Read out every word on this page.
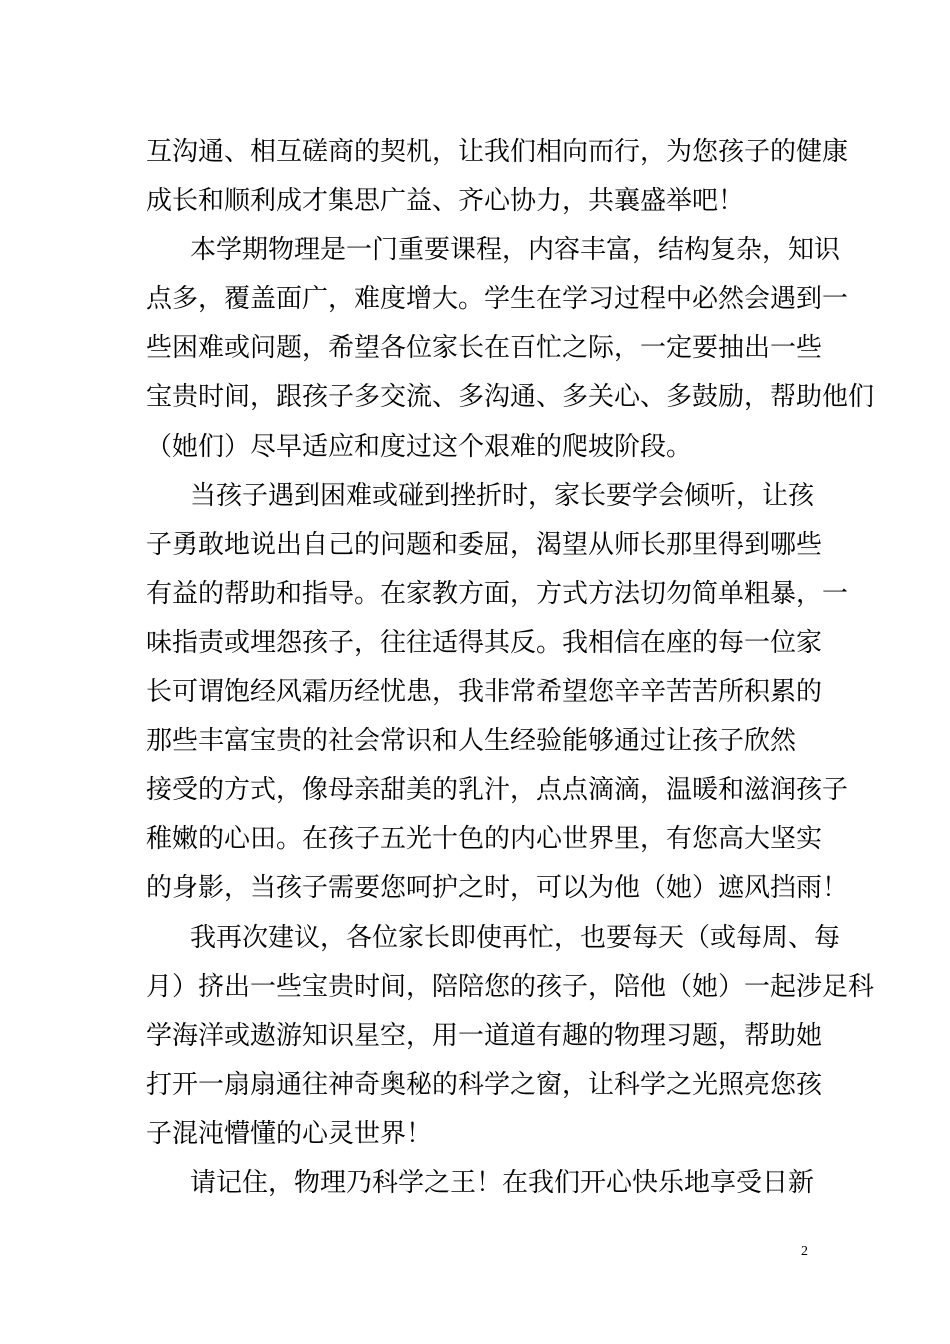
互沟通、相互磋商的契机，让我们相向而行，为您孩子的健康
成长和顺利成才集思广益、齐心协力，共襄盛举吧！
本学期物理是一门重要课程，内容丰富，结构复杂，知识
点多，覆盖面广，难度增大。学生在学习过程中必然会遇到一
些困难或问题，希望各位家长在百忙之际，一定要抽出一些
宝贵时间，跟孩子多交流、多沟通、多关心、多鼓励，帮助他们
（她们）尽早适应和度过这个艰难的爬坡阶段。
当孩子遇到困难或碰到挫折时，家长要学会倾听，让孩
子勇敢地说出自己的问题和委屈，渴望从师长那里得到哪些
有益的帮助和指导。在家教方面，方式方法切勿简单粗暴，一
味指责或埋怨孩子，往往适得其反。我相信在座的每一位家
长可谓饱经风霜历经忧患，我非常希望您辛辛苦苦所积累的
那些丰富宝贵的社会常识和人生经验能够通过让孩子欣然
接受的方式，像母亲甜美的乳汁，点点滴滴，温暖和滋润孩子
稚嫩的心田。在孩子五光十色的内心世界里，有您高大坚实
的身影，当孩子需要您呵护之时，可以为他（她）遮风挡雨！
我再次建议，各位家长即使再忙，也要每天（或每周、每
月）挤出一些宝贵时间，陪陪您的孩子，陪他（她）一起涉足科
学海洋或遨游知识星空，用一道道有趣的物理习题，帮助她
打开一扇扇通往神奇奥秘的科学之窗，让科学之光照亮您孩
子混沌懵懂的心灵世界！
请记住，物理乃科学之王！在我们开心快乐地享受日新
2
